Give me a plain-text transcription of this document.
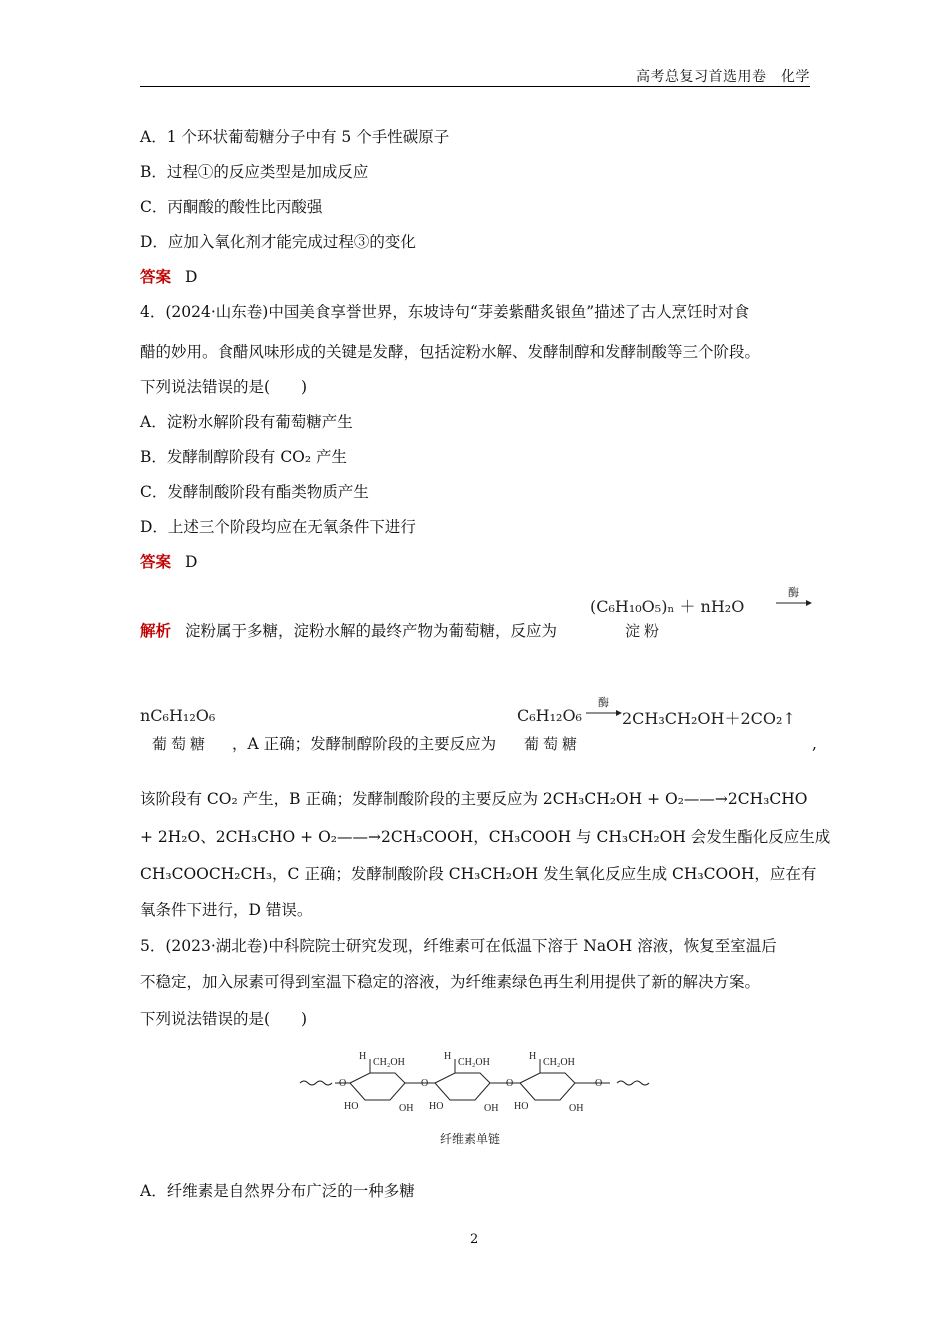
高考总复习首选用卷　化学
A．1 个环状葡萄糖分子中有 5 个手性碳原子
B．过程①的反应类型是加成反应
C．丙酮酸的酸性比丙酸强
D．应加入氧化剂才能完成过程③的变化
答案 D
4．(2024·山东卷)中国美食享誉世界，东坡诗句“芽姜紫醋炙银鱼”描述了古人烹饪时对食
醋的妙用。食醋风味形成的关键是发酵，包括淀粉水解、发酵制醇和发酵制酸等三个阶段。
下列说法错误的是(　　)
A．淀粉水解阶段有葡萄糖产生
B．发酵制醇阶段有 CO₂ 产生
C．发酵制酸阶段有酯类物质产生
D．上述三个阶段均应在无氧条件下进行
答案 D
解析 淀粉属于多糖，淀粉水解的最终产物为葡萄糖，反应为
(C₆H₁₀O₅)ₙ ＋ nH₂O
酶
淀粉
nC₆H₁₂O₆
葡萄糖 ，A 正确；发酵制醇阶段的主要反应为
C₆H₁₂O₆
酶
2CH₃CH₂OH＋2CO₂↑
葡萄糖	,
该阶段有 CO₂ 产生，B 正确；发酵制酸阶段的主要反应为 2CH₃CH₂OH + O₂——→2CH₃CHO
+ 2H₂O、2CH₃CHO + O₂——→2CH₃COOH，CH₃COOH 与 CH₃CH₂OH 会发生酯化反应生成
CH₃COOCH₂CH₃，C 正确；发酵制酸阶段 CH₃CH₂OH 发生氧化反应生成 CH₃COOH，应在有
氧条件下进行，D 错误。
5．(2023·湖北卷)中科院院士研究发现，纤维素可在低温下溶于 NaOH 溶液，恢复至室温后
不稳定，加入尿素可得到室温下稳定的溶液，为纤维素绿色再生利用提供了新的解决方案。
下列说法错误的是(　　)
O
H
CH₂OH
HO	OH
O
H
CH₂OH
HO	OH
O
H
CH₂OH
HO	OH
O
纤维素单链
A．纤维素是自然界分布广泛的一种多糖
2
